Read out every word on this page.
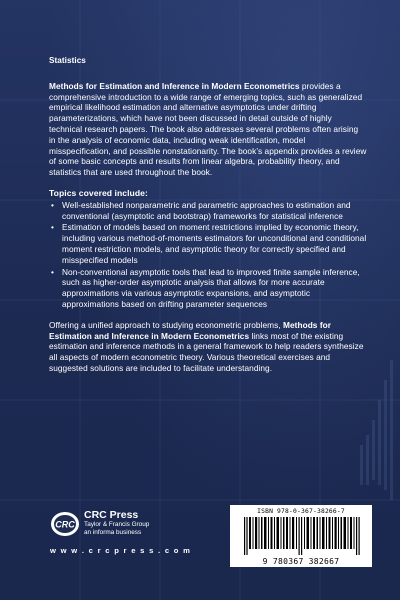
Statistics

Methods for Estimation and Inference in Modern Econometrics provides a comprehensive introduction to a wide range of emerging topics, such as generalized empirical likelihood estimation and alternative asymptotics under drifting parameterizations, which have not been discussed in detail outside of highly technical research papers. The book also addresses several problems often arising in the analysis of economic data, including weak identification, model misspecification, and possible nonstationarity. The book’s appendix provides a review of some basic concepts and results from linear algebra, probability theory, and statistics that are used throughout the book.

Topics covered include:
• Well-established nonparametric and parametric approaches to estimation and conventional (asymptotic and bootstrap) frameworks for statistical inference
• Estimation of models based on moment restrictions implied by economic theory, including various method-of-moments estimators for unconditional and conditional moment restriction models, and asymptotic theory for correctly specified and misspecified models
• Non-conventional asymptotic tools that lead to improved finite sample inference, such as higher-order asymptotic analysis that allows for more accurate approximations via various asymptotic expansions, and asymptotic approximations based on drifting parameter sequences

Offering a unified approach to studying econometric problems, Methods for Estimation and Inference in Modern Econometrics links most of the existing estimation and inference methods in a general framework to help readers synthesize all aspects of modern econometric theory. Various theoretical exercises and suggested solutions are included to facilitate understanding.

CRC
CRC Press
Taylor & Francis Group
an informa business
w w w . c r c p r e s s . c o m
ISBN 978-0-367-38266-7
9 780367 382667
